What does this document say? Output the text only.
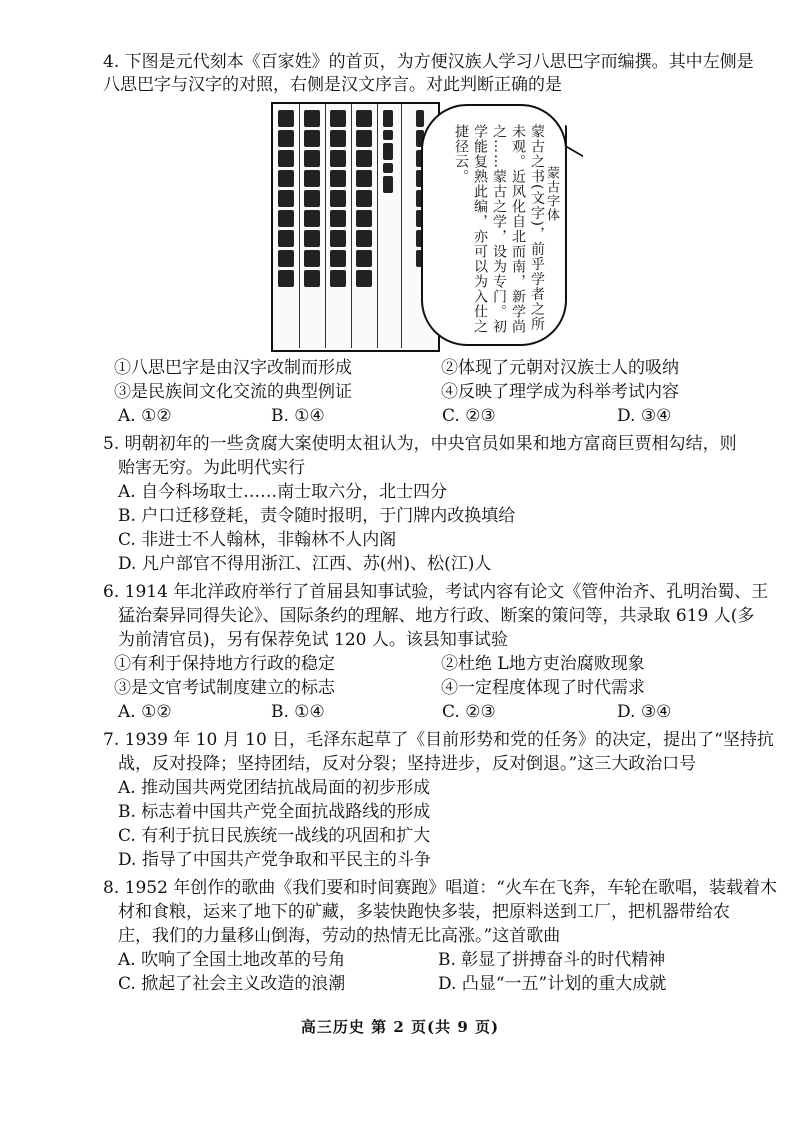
4. 下图是元代刻本《百家姓》的首页，为方便汉族人学习八思巴字而编撰。其中左侧是
八思巴字与汉字的对照，右侧是汉文序言。对此判断正确的是
蒙古之书(文字)，前乎学者之所
未观。近风化自北而南，新学尚
之……蒙古之学，设为专门。初
学能复熟此编，亦可以为入仕之
捷径云。
蒙古字体
①八思巴字是由汉字改制而形成	②体现了元朝对汉族士人的吸纳
③是民族间文化交流的典型例证	④反映了理学成为科举考试内容
A. ①②	B. ①④	C. ②③	D. ③④
5. 明朝初年的一些贪腐大案使明太祖认为，中央官员如果和地方富商巨贾相勾结，则
贻害无穷。为此明代实行
A. 自今科场取士……南士取六分，北士四分
B. 户口迁移登耗，责令随时报明，于门牌内改换填给
C. 非进士不人翰林，非翰林不人内阁
D. 凡户部官不得用浙江、江西、苏(州)、松(江)人
6. 1914 年北洋政府举行了首届县知事试验，考试内容有论文《管仲治齐、孔明治蜀、王
猛治秦异同得失论》、国际条约的理解、地方行政、断案的策问等，共录取 619 人(多
为前清官员)，另有保荐免试 120 人。该县知事试验
①有利于保持地方行政的稳定	②杜绝 L地方吏治腐败现象
③是文官考试制度建立的标志	④一定程度体现了时代需求
A. ①②	B. ①④	C. ②③	D. ③④
7. 1939 年 10 月 10 日，毛泽东起草了《目前形势和党的任务》的决定，提出了“坚持抗
战，反对投降；坚持团结，反对分裂；坚持进步，反对倒退。”这三大政治口号
A. 推动国共两党团结抗战局面的初步形成
B. 标志着中国共产党全面抗战路线的形成
C. 有利于抗日民族统一战线的巩固和扩大
D. 指导了中国共产党争取和平民主的斗争
8. 1952 年创作的歌曲《我们要和时间赛跑》唱道：“火车在飞奔，车轮在歌唱，装载着木
材和食粮，运来了地下的矿藏，多装快跑快多装，把原料送到工厂，把机器带给农
庄，我们的力量移山倒海，劳动的热情无比高涨。”这首歌曲
A. 吹响了全国土地改革的号角	B. 彰显了拼搏奋斗的时代精神
C. 掀起了社会主义改造的浪潮	D. 凸显“一五”计划的重大成就
高三历史 第 2 页(共 9 页)
